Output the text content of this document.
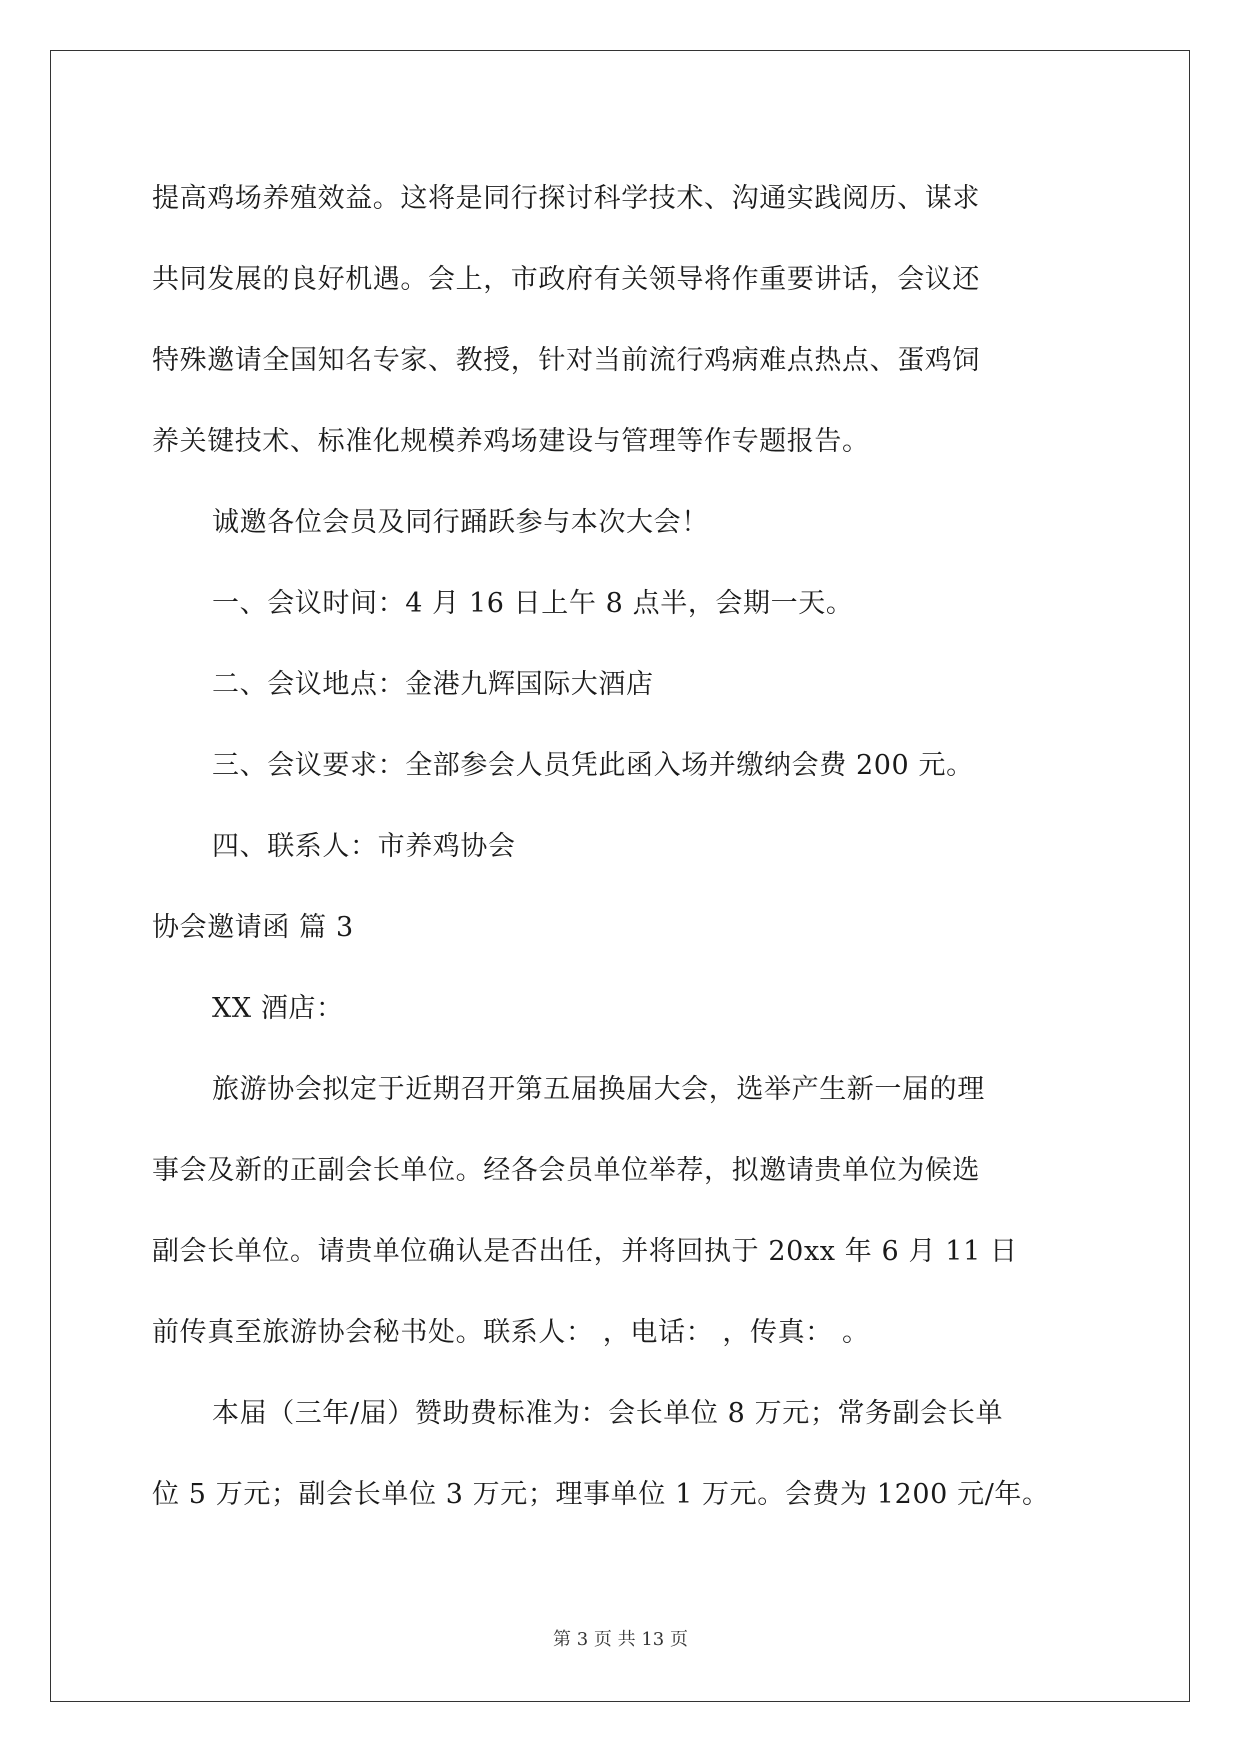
提高鸡场养殖效益。这将是同行探讨科学技术、沟通实践阅历、谋求
共同发展的良好机遇。会上，市政府有关领导将作重要讲话，会议还
特殊邀请全国知名专家、教授，针对当前流行鸡病难点热点、蛋鸡饲
养关键技术、标准化规模养鸡场建设与管理等作专题报告。
诚邀各位会员及同行踊跃参与本次大会！
一、会议时间：4 月 16 日上午 8 点半，会期一天。
二、会议地点：金港九辉国际大酒店
三、会议要求：全部参会人员凭此函入场并缴纳会费 200 元。
四、联系人：市养鸡协会
协会邀请函 篇 3
XX 酒店：
旅游协会拟定于近期召开第五届换届大会，选举产生新一届的理
事会及新的正副会长单位。经各会员单位举荐，拟邀请贵单位为候选
副会长单位。请贵单位确认是否出任，并将回执于 20xx 年 6 月 11 日
前传真至旅游协会秘书处。联系人： ，电话： ，传真： 。
本届（三年/届）赞助费标准为：会长单位 8 万元；常务副会长单
位 5 万元；副会长单位 3 万元；理事单位 1 万元。会费为 1200 元/年。
第 3 页 共 13 页
